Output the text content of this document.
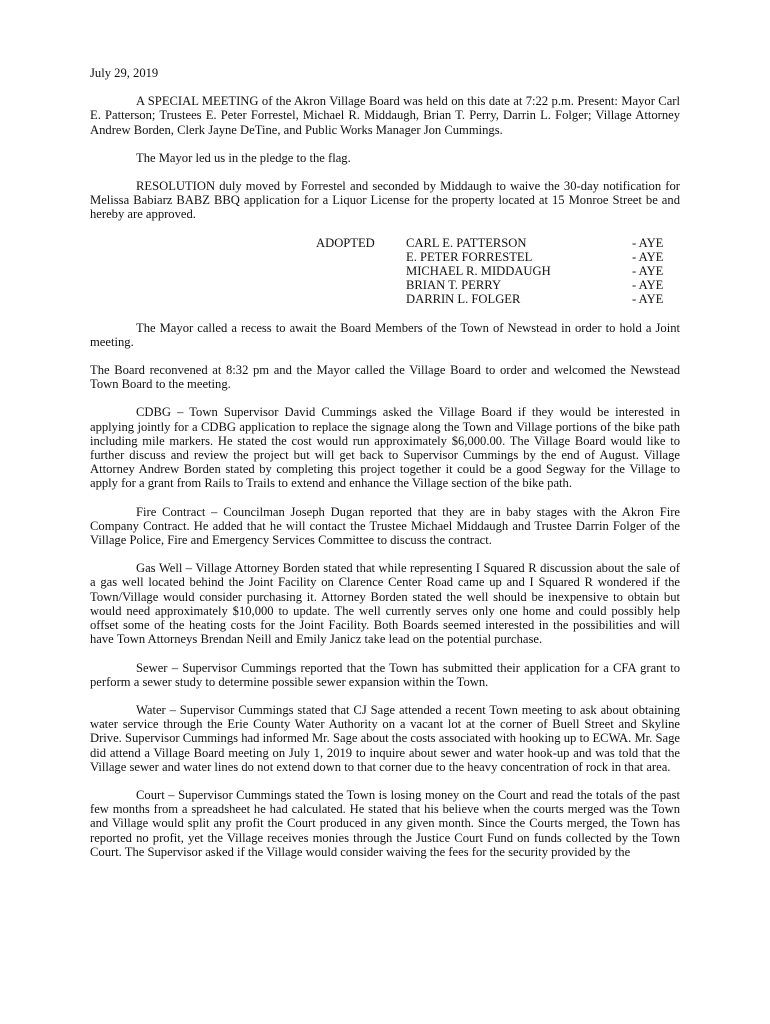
July 29, 2019

A SPECIAL MEETING of the Akron Village Board was held on this date at 7:22 p.m. Present: Mayor Carl E. Patterson; Trustees E. Peter Forrestel, Michael R. Middaugh, Brian T. Perry, Darrin L. Folger; Village Attorney Andrew Borden, Clerk Jayne DeTine, and Public Works Manager Jon Cummings.

The Mayor led us in the pledge to the flag.

RESOLUTION duly moved by Forrestel and seconded by Middaugh to waive the 30-day notification for Melissa Babiarz BABZ BBQ application for a Liquor License for the property located at 15 Monroe Street be and hereby are approved.

ADOPTED	CARL E. PATTERSON	- AYE
E. PETER FORRESTEL	- AYE
MICHAEL R. MIDDAUGH	- AYE
BRIAN T. PERRY	- AYE
DARRIN L. FOLGER	- AYE

The Mayor called a recess to await the Board Members of the Town of Newstead in order to hold a Joint meeting.

The Board reconvened at 8:32 pm and the Mayor called the Village Board to order and welcomed the Newstead Town Board to the meeting.

CDBG – Town Supervisor David Cummings asked the Village Board if they would be interested in applying jointly for a CDBG application to replace the signage along the Town and Village portions of the bike path including mile markers. He stated the cost would run approximately $6,000.00. The Village Board would like to further discuss and review the project but will get back to Supervisor Cummings by the end of August. Village Attorney Andrew Borden stated by completing this project together it could be a good Segway for the Village to apply for a grant from Rails to Trails to extend and enhance the Village section of the bike path.

Fire Contract – Councilman Joseph Dugan reported that they are in baby stages with the Akron Fire Company Contract. He added that he will contact the Trustee Michael Middaugh and Trustee Darrin Folger of the Village Police, Fire and Emergency Services Committee to discuss the contract.

Gas Well – Village Attorney Borden stated that while representing I Squared R discussion about the sale of a gas well located behind the Joint Facility on Clarence Center Road came up and I Squared R wondered if the Town/Village would consider purchasing it. Attorney Borden stated the well should be inexpensive to obtain but would need approximately $10,000 to update. The well currently serves only one home and could possibly help offset some of the heating costs for the Joint Facility. Both Boards seemed interested in the possibilities and will have Town Attorneys Brendan Neill and Emily Janicz take lead on the potential purchase.

Sewer – Supervisor Cummings reported that the Town has submitted their application for a CFA grant to perform a sewer study to determine possible sewer expansion within the Town.

Water – Supervisor Cummings stated that CJ Sage attended a recent Town meeting to ask about obtaining water service through the Erie County Water Authority on a vacant lot at the corner of Buell Street and Skyline Drive. Supervisor Cummings had informed Mr. Sage about the costs associated with hooking up to ECWA. Mr. Sage did attend a Village Board meeting on July 1, 2019 to inquire about sewer and water hook-up and was told that the Village sewer and water lines do not extend down to that corner due to the heavy concentration of rock in that area.

Court – Supervisor Cummings stated the Town is losing money on the Court and read the totals of the past few months from a spreadsheet he had calculated. He stated that his believe when the courts merged was the Town and Village would split any profit the Court produced in any given month. Since the Courts merged, the Town has reported no profit, yet the Village receives monies through the Justice Court Fund on funds collected by the Town Court. The Supervisor asked if the Village would consider waiving the fees for the security provided by the
